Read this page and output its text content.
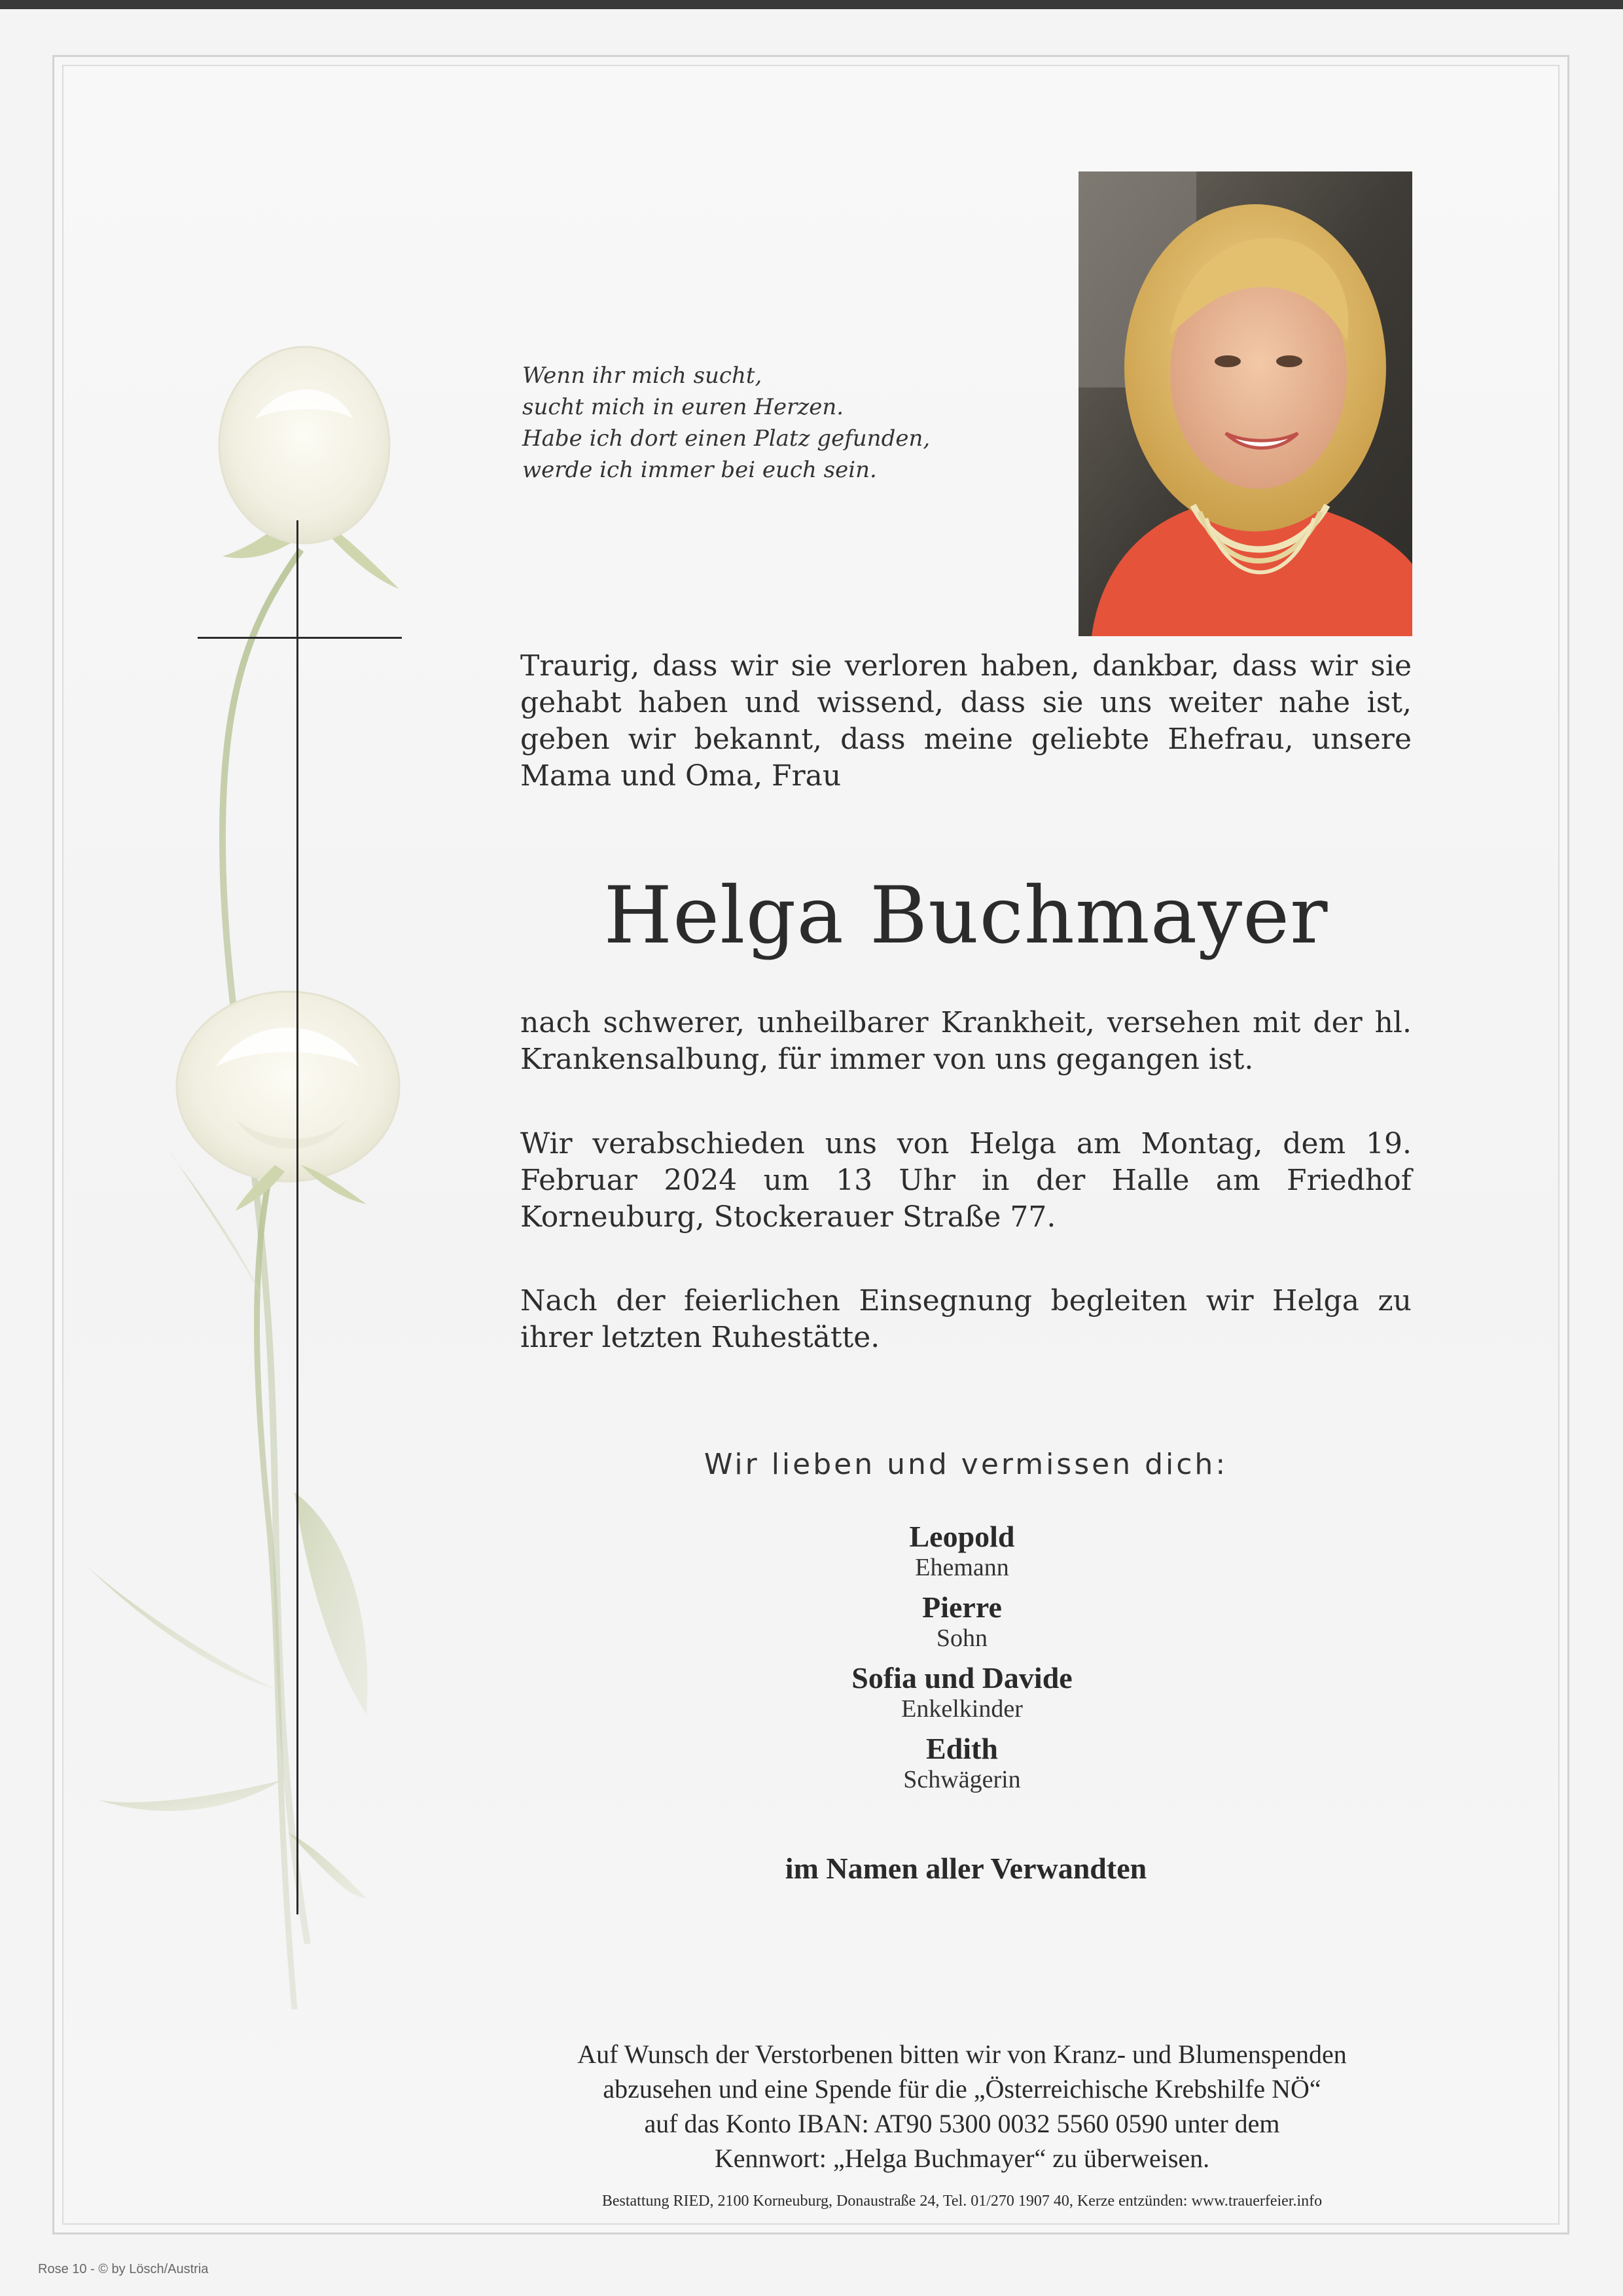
Wenn ihr mich sucht,
sucht mich in euren Herzen.
Habe ich dort einen Platz gefunden,
werde ich immer bei euch sein.
Traurig, dass wir sie verloren haben, dankbar, dass wir sie gehabt haben und wissend, dass sie uns weiter nahe ist, geben wir bekannt, dass meine geliebte Ehefrau, unsere Mama und Oma, Frau
Helga Buchmayer
nach schwerer, unheilbarer Krankheit, versehen mit der hl. Krankensalbung, für immer von uns gegangen ist.
Wir verabschieden uns von Helga am Montag, dem 19. Februar 2024 um 13 Uhr in der Halle am Friedhof Korneuburg, Stockerauer Straße 77.
Nach der feierlichen Einsegnung begleiten wir Helga zu ihrer letzten Ruhestätte.
Wir lieben und vermissen dich:
Leopold
Ehemann
Pierre
Sohn
Sofia und Davide
Enkelkinder
Edith
Schwägerin
im Namen aller Verwandten
Auf Wunsch der Verstorbenen bitten wir von Kranz- und Blumenspenden
abzusehen und eine Spende für die „Österreichische Krebshilfe NÖ“
auf das Konto IBAN: AT90 5300 0032 5560 0590 unter dem
Kennwort: „Helga Buchmayer“ zu überweisen.
Bestattung RIED, 2100 Korneuburg, Donaustraße 24, Tel. 01/270 1907 40, Kerze entzünden: www.trauerfeier.info
Rose 10 - © by Lösch/Austria
